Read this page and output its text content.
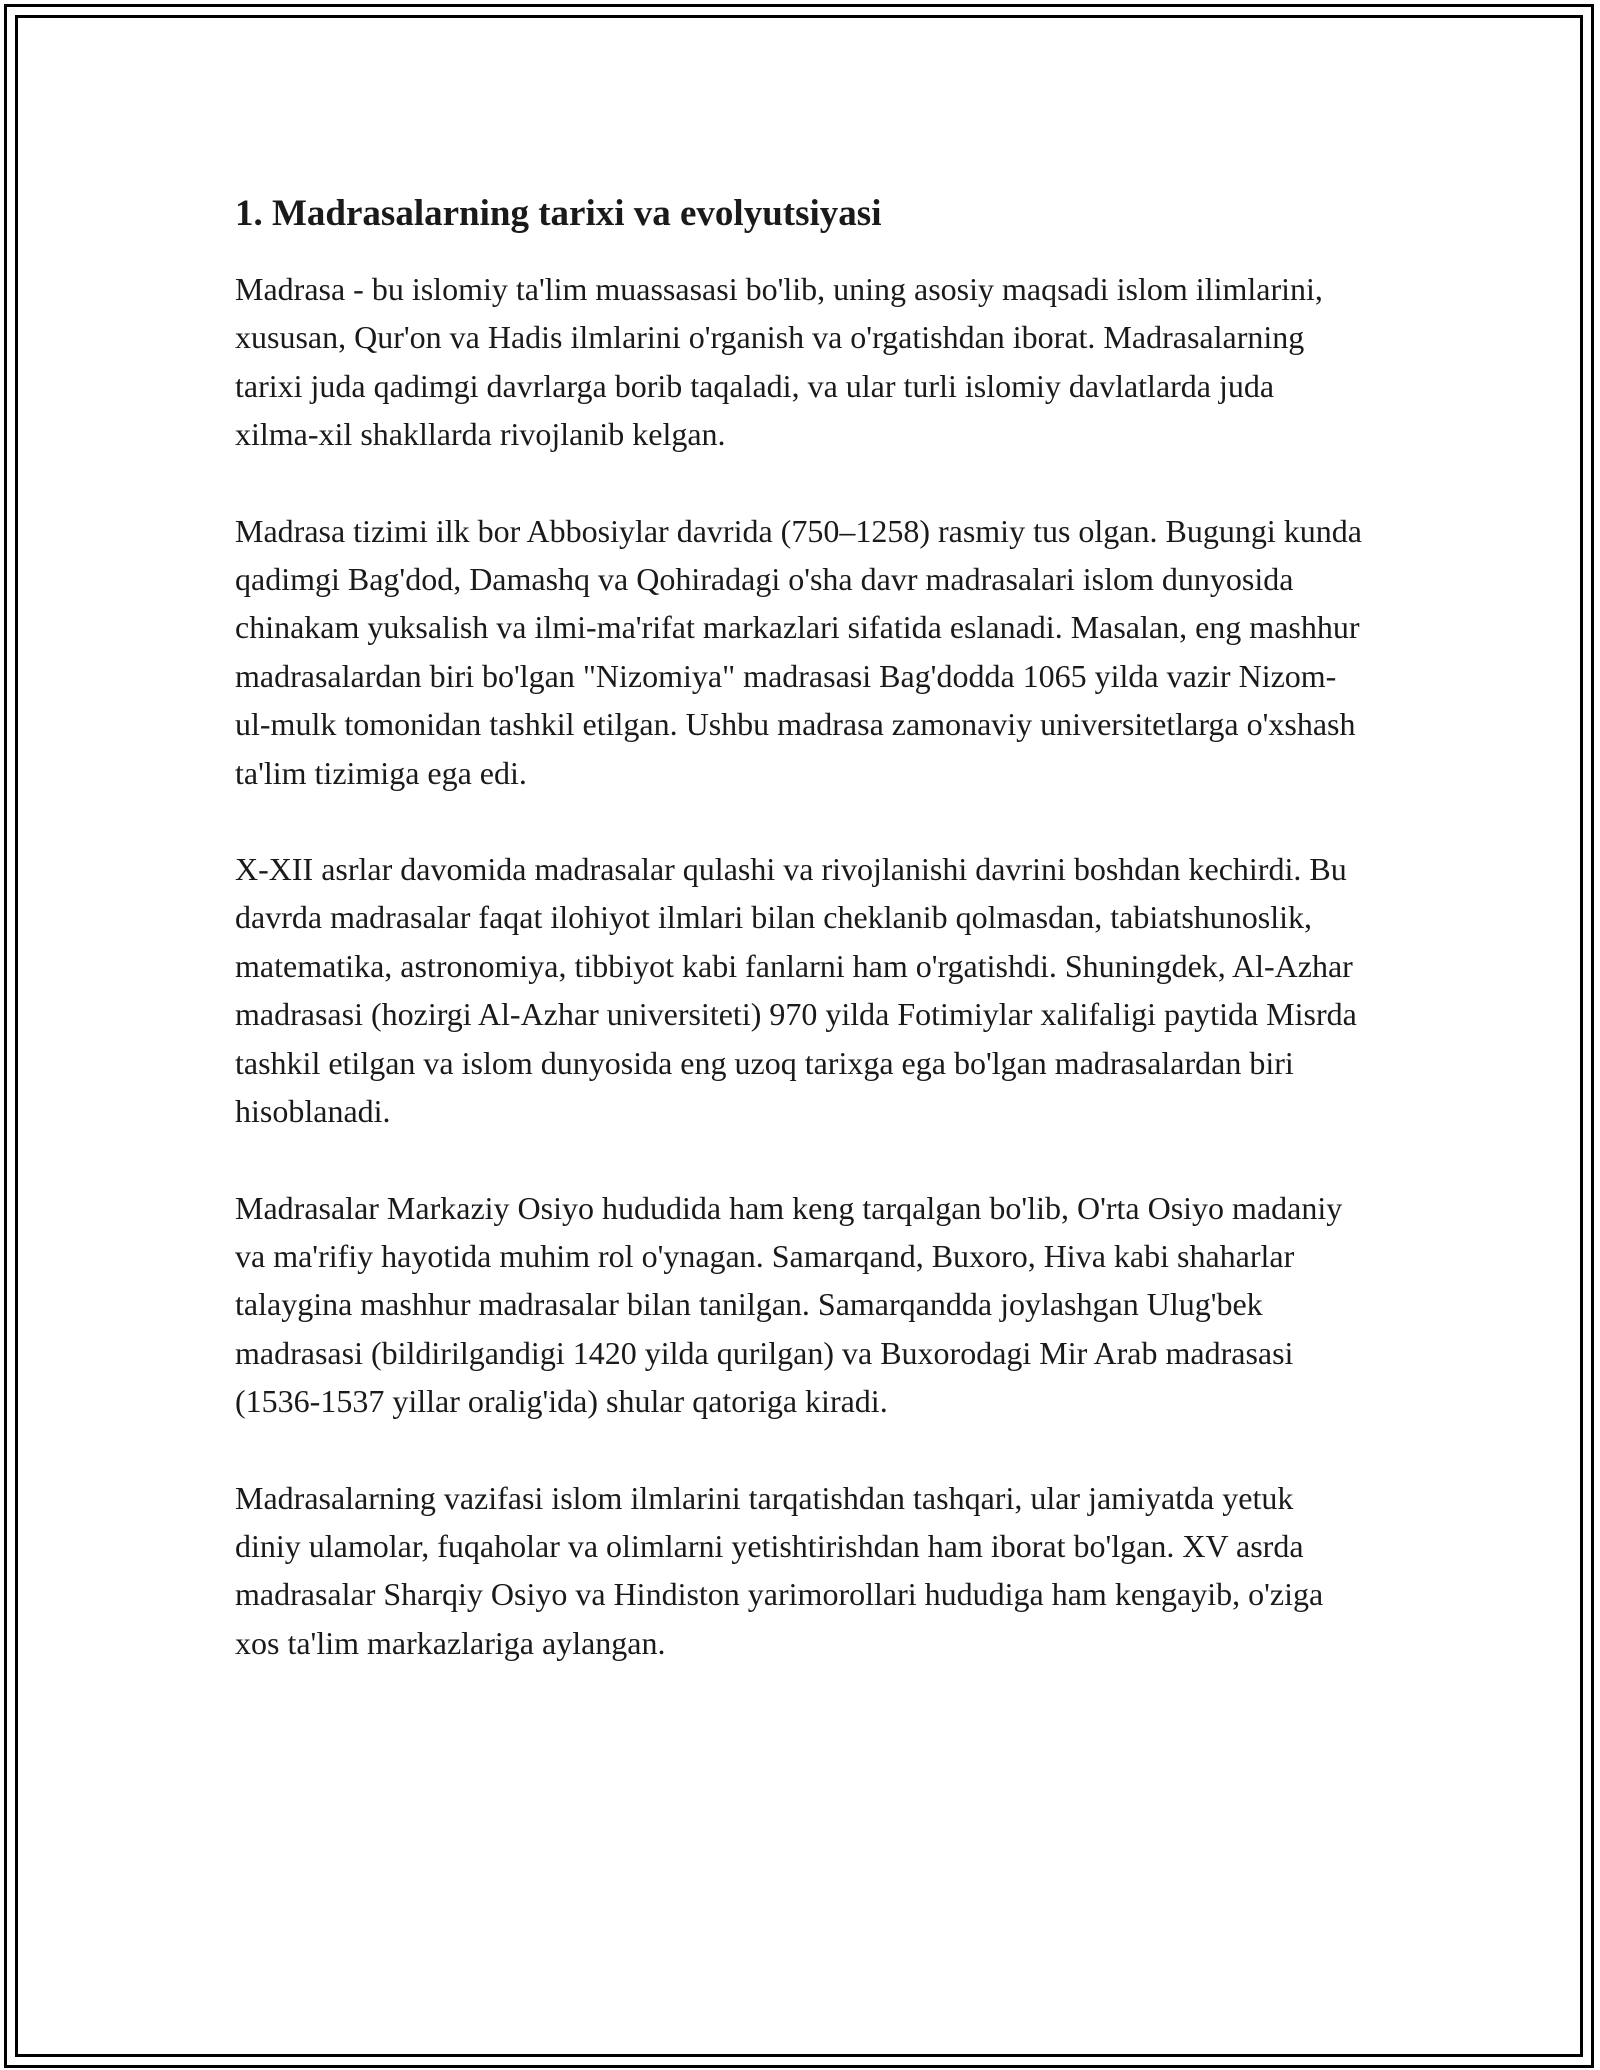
1. Madrasalarning tarixi va evolyutsiyasi

Madrasa - bu islomiy ta'lim muassasasi bo'lib, uning asosiy maqsadi islom ilimlarini, xususan, Qur'on va Hadis ilmlarini o'rganish va o'rgatishdan iborat. Madrasalarning tarixi juda qadimgi davrlarga borib taqaladi, va ular turli islomiy davlatlarda juda xilma-xil shakllarda rivojlanib kelgan.

Madrasa tizimi ilk bor Abbosiylar davrida (750–1258) rasmiy tus olgan. Bugungi kunda qadimgi Bag'dod, Damashq va Qohiradagi o'sha davr madrasalari islom dunyosida chinakam yuksalish va ilmi-ma'rifat markazlari sifatida eslanadi. Masalan, eng mashhur madrasalardan biri bo'lgan "Nizomiya" madrasasi Bag'dodda 1065 yilda vazir Nizom-ul-mulk tomonidan tashkil etilgan. Ushbu madrasa zamonaviy universitetlarga o'xshash ta'lim tizimiga ega edi.

X-XII asrlar davomida madrasalar qulashi va rivojlanishi davrini boshdan kechirdi. Bu davrda madrasalar faqat ilohiyot ilmlari bilan cheklanib qolmasdan, tabiatshunoslik, matematika, astronomiya, tibbiyot kabi fanlarni ham o'rgatishdi. Shuningdek, Al-Azhar madrasasi (hozirgi Al-Azhar universiteti) 970 yilda Fotimiylar xalifaligi paytida Misrda tashkil etilgan va islom dunyosida eng uzoq tarixga ega bo'lgan madrasalardan biri hisoblanadi.

Madrasalar Markaziy Osiyo hududida ham keng tarqalgan bo'lib, O'rta Osiyo madaniy va ma'rifiy hayotida muhim rol o'ynagan. Samarqand, Buxoro, Hiva kabi shaharlar talaygina mashhur madrasalar bilan tanilgan. Samarqandda joylashgan Ulug'bek madrasasi (bildirilgandigi 1420 yilda qurilgan) va Buxorodagi Mir Arab madrasasi (1536-1537 yillar oralig'ida) shular qatoriga kiradi.

Madrasalarning vazifasi islom ilmlarini tarqatishdan tashqari, ular jamiyatda yetuk diniy ulamolar, fuqaholar va olimlarni yetishtirishdan ham iborat bo'lgan. XV asrda madrasalar Sharqiy Osiyo va Hindiston yarimorollari hududiga ham kengayib, o'ziga xos ta'lim markazlariga aylangan.
